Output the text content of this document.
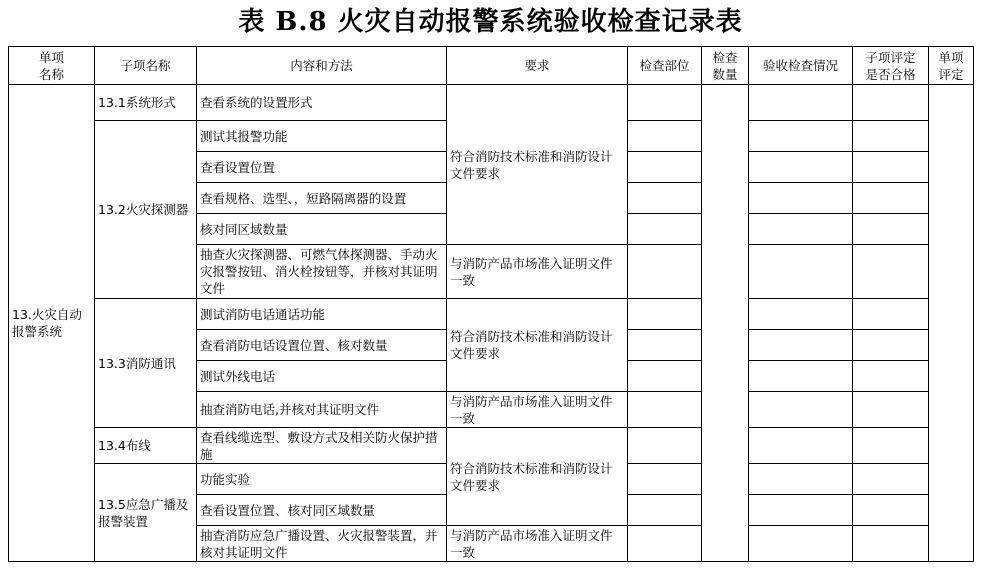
表 B.8 火灾自动报警系统验收检查记录表
单项名称	子项名称	内容和方法	要求	检查部位	检查数量	验收检查情况	子项评定是否合格	单项评定
13.火灾自动报警系统	13.1系统形式	查看系统的设置形式	符合消防技术标准和消防设计文件要求					
	13.2火灾探测器	测试其报警功能						
		查看设置位置						
		查看规格、选型、，短路隔离器的设置						
		核对同区域数量						
		抽查火灾探测器、可燃气体探测器、手动火灾报警按钮、消火栓按钮等，并核对其证明文件	与消防产品市场准入证明文件一致					
	13.3消防通讯	测试消防电话通话功能	符合消防技术标准和消防设计文件要求					
		查看消防电话设置位置、核对数量						
		测试外线电话						
		抽查消防电话,并核对其证明文件	与消防产品市场准入证明文件一致					
	13.4布线	查看线缆选型、敷设方式及相关防火保护措施	符合消防技术标准和消防设计文件要求					
	13.5应急广播及报警装置	功能实验						
		查看设置位置、核对同区域数量						
		抽查消防应急广播设置、火灾报警装置，并核对其证明文件	与消防产品市场准入证明文件一致					
